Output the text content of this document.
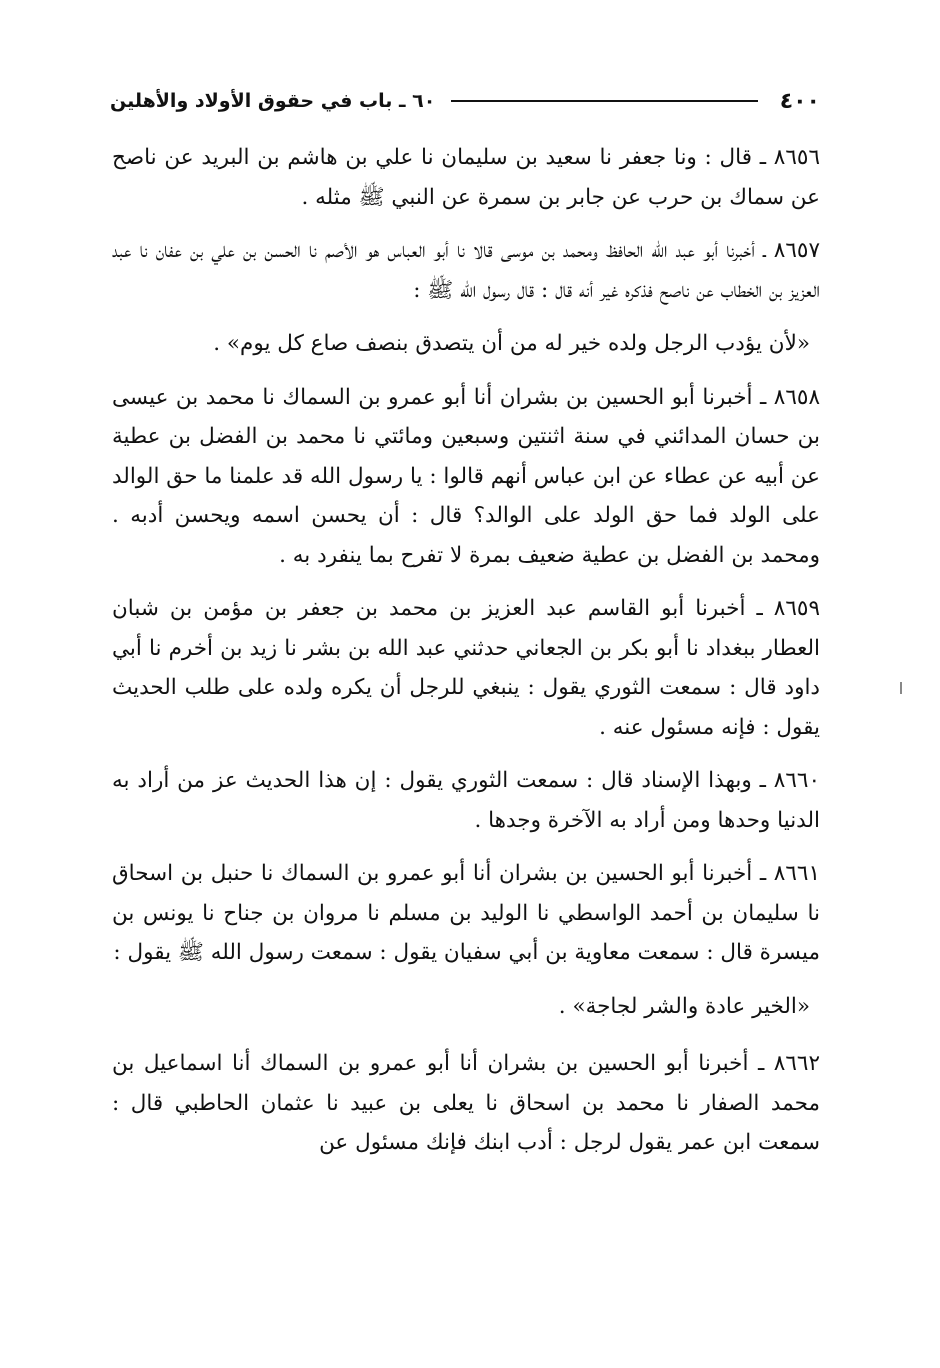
٤٠٠
٦٠ ـ باب في حقوق الأولاد والأهلين

٨٦٥٦ ـ قال : ونا جعفر نا سعيد بن سليمان نا علي بن هاشم بن البريد عن ناصح عن سماك بن حرب عن جابر بن سمرة عن النبي ﷺ مثله .

٨٦٥٧ ـ أخبرنا أبو عبد الله الحافظ ومحمد بن موسى قالا نا أبو العباس هو الأصم نا الحسن بن علي بن عفان نا عبد العزيز بن الخطاب عن ناصح فذكره غير أنه قال : قال رسول الله ﷺ :

«لأن يؤدب الرجل ولده خير له من أن يتصدق بنصف صاع كل يوم» .

٨٦٥٨ ـ أخبرنا أبو الحسين بن بشران أنا أبو عمرو بن السماك نا محمد بن عيسى بن حسان المدائني في سنة اثنتين وسبعين ومائتي نا محمد بن الفضل بن عطية عن أبيه عن عطاء عن ابن عباس أنهم قالوا : يا رسول الله قد علمنا ما حق الوالد على الولد فما حق الولد على الوالد؟ قال : أن يحسن اسمه ويحسن أدبه . ومحمد بن الفضل بن عطية ضعيف بمرة لا تفرح بما ينفرد به .

٨٦٥٩ ـ أخبرنا أبو القاسم عبد العزيز بن محمد بن جعفر بن مؤمن بن شبان العطار ببغداد نا أبو بكر بن الجعاني حدثني عبد الله بن بشر نا زيد بن أخرم نا أبي داود قال : سمعت الثوري يقول : ينبغي للرجل أن يكره ولده على طلب الحديث يقول : فإنه مسئول عنه .

٨٦٦٠ ـ وبهذا الإسناد قال : سمعت الثوري يقول : إن هذا الحديث عز من أراد به الدنيا وحدها ومن أراد به الآخرة وجدها .

٨٦٦١ ـ أخبرنا أبو الحسين بن بشران أنا أبو عمرو بن السماك نا حنبل بن اسحاق نا سليمان بن أحمد الواسطي نا الوليد بن مسلم نا مروان بن جناح نا يونس بن ميسرة قال : سمعت معاوية بن أبي سفيان يقول : سمعت رسول الله ﷺ يقول :

«الخير عادة والشر لجاجة» .

٨٦٦٢ ـ أخبرنا أبو الحسين بن بشران أنا أبو عمرو بن السماك أنا اسماعيل بن محمد الصفار نا محمد بن اسحاق نا يعلى بن عبيد نا عثمان الحاطبي قال : سمعت ابن عمر يقول لرجل : أدب ابنك فإنك مسئول عن
